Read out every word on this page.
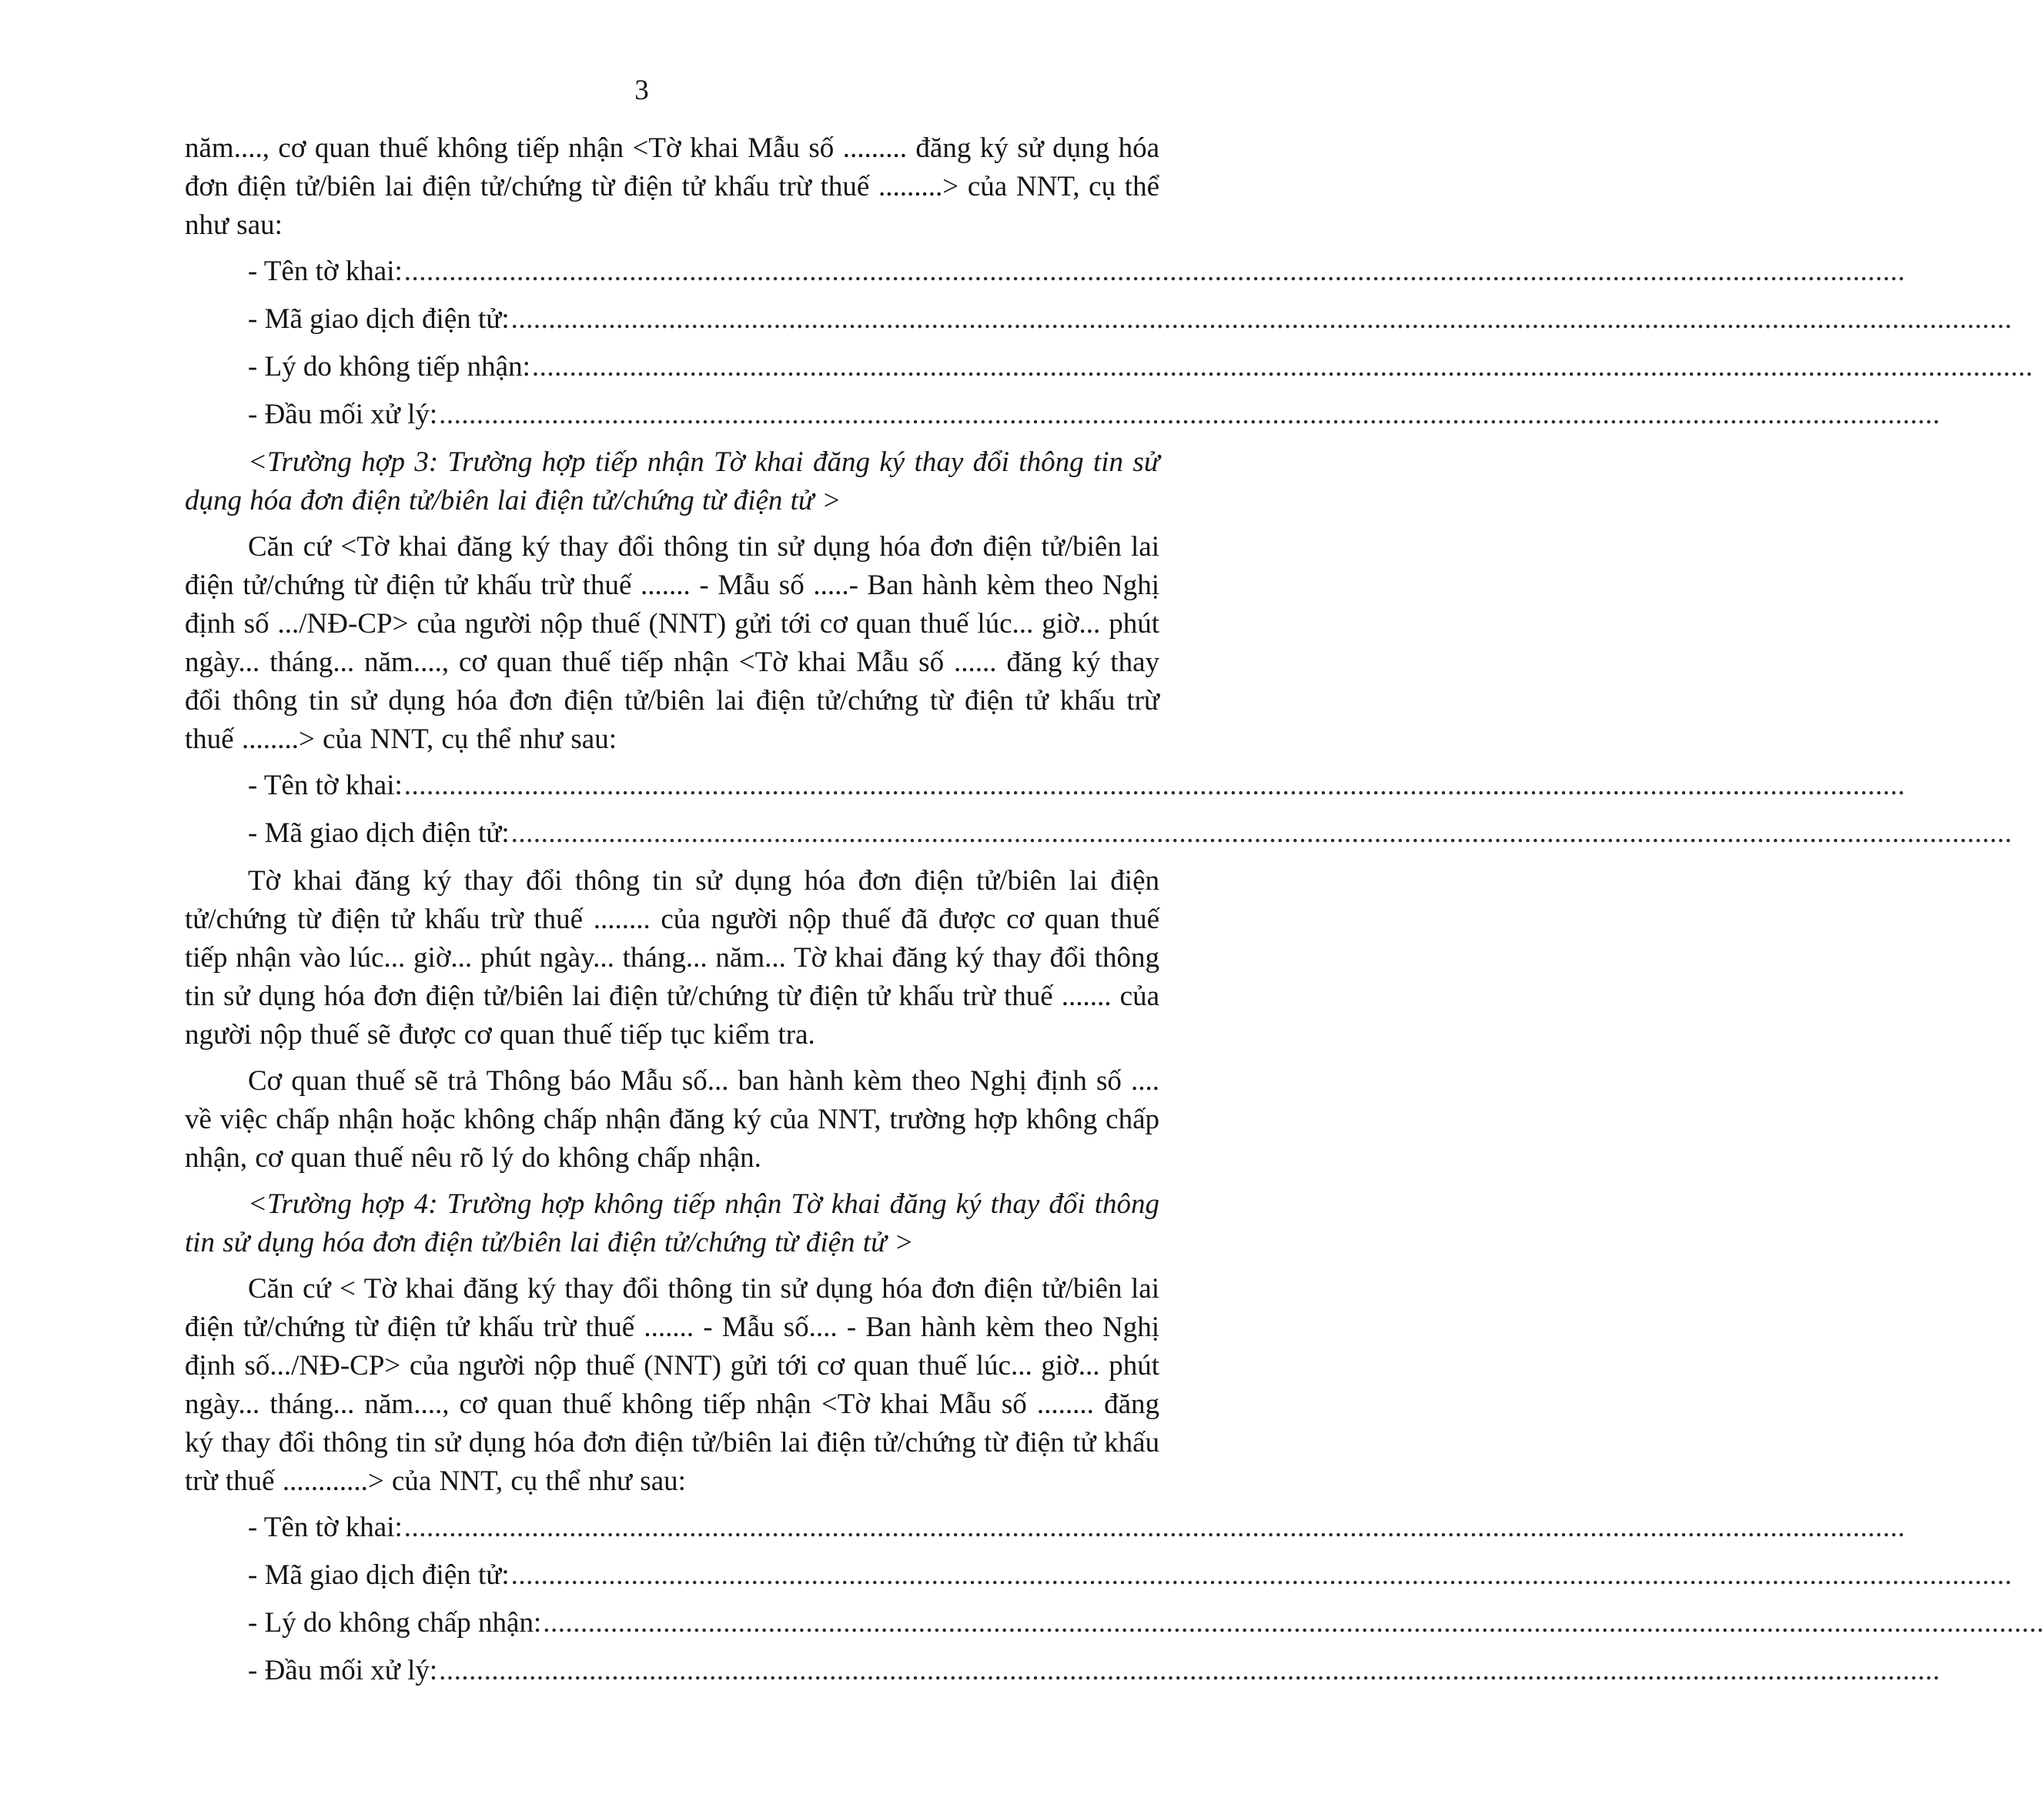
3

năm...., cơ quan thuế không tiếp nhận <Tờ khai Mẫu số ......... đăng ký sử dụng hóa đơn điện tử/biên lai điện tử/chứng từ điện tử khấu trừ thuế .........> của NNT, cụ thể như sau:

- Tên tờ khai: ........................................................................................................................................................................................................
- Mã giao dịch điện tử: ........................................................................................................................................................................................................
- Lý do không tiếp nhận: ........................................................................................................................................................................................................
- Đầu mối xử lý: ........................................................................................................................................................................................................

<Trường hợp 3: Trường hợp tiếp nhận Tờ khai đăng ký thay đổi thông tin sử dụng hóa đơn điện tử/biên lai điện tử/chứng từ điện tử >

Căn cứ <Tờ khai đăng ký thay đổi thông tin sử dụng hóa đơn điện tử/biên lai điện tử/chứng từ điện tử khấu trừ thuế ....... - Mẫu số .....- Ban hành kèm theo Nghị định số .../NĐ-CP> của người nộp thuế (NNT) gửi tới cơ quan thuế lúc... giờ... phút ngày... tháng... năm...., cơ quan thuế tiếp nhận <Tờ khai Mẫu số ...... đăng ký thay đổi thông tin sử dụng hóa đơn điện tử/biên lai điện tử/chứng từ điện tử khấu trừ thuế ........> của NNT, cụ thể như sau:

- Tên tờ khai: ........................................................................................................................................................................................................
- Mã giao dịch điện tử: ........................................................................................................................................................................................................

Tờ khai đăng ký thay đổi thông tin sử dụng hóa đơn điện tử/biên lai điện tử/chứng từ điện tử khấu trừ thuế ........ của người nộp thuế đã được cơ quan thuế tiếp nhận vào lúc... giờ... phút ngày... tháng... năm... Tờ khai đăng ký thay đổi thông tin sử dụng hóa đơn điện tử/biên lai điện tử/chứng từ điện tử khấu trừ thuế ....... của người nộp thuế sẽ được cơ quan thuế tiếp tục kiểm tra.

Cơ quan thuế sẽ trả Thông báo Mẫu số... ban hành kèm theo Nghị định số .... về việc chấp nhận hoặc không chấp nhận đăng ký của NNT, trường hợp không chấp nhận, cơ quan thuế nêu rõ lý do không chấp nhận.

<Trường hợp 4: Trường hợp không tiếp nhận Tờ khai đăng ký thay đổi thông tin sử dụng hóa đơn điện tử/biên lai điện tử/chứng từ điện tử >

Căn cứ < Tờ khai đăng ký thay đổi thông tin sử dụng hóa đơn điện tử/biên lai điện tử/chứng từ điện tử khấu trừ thuế ....... - Mẫu số.... - Ban hành kèm theo Nghị định số.../NĐ-CP> của người nộp thuế (NNT) gửi tới cơ quan thuế lúc... giờ... phút ngày... tháng... năm...., cơ quan thuế không tiếp nhận <Tờ khai Mẫu số ........ đăng ký thay đổi thông tin sử dụng hóa đơn điện tử/biên lai điện tử/chứng từ điện tử khấu trừ thuế ............> của NNT, cụ thể như sau:

- Tên tờ khai: ........................................................................................................................................................................................................
- Mã giao dịch điện tử: ........................................................................................................................................................................................................
- Lý do không chấp nhận: ........................................................................................................................................................................................................
- Đầu mối xử lý: ........................................................................................................................................................................................................
